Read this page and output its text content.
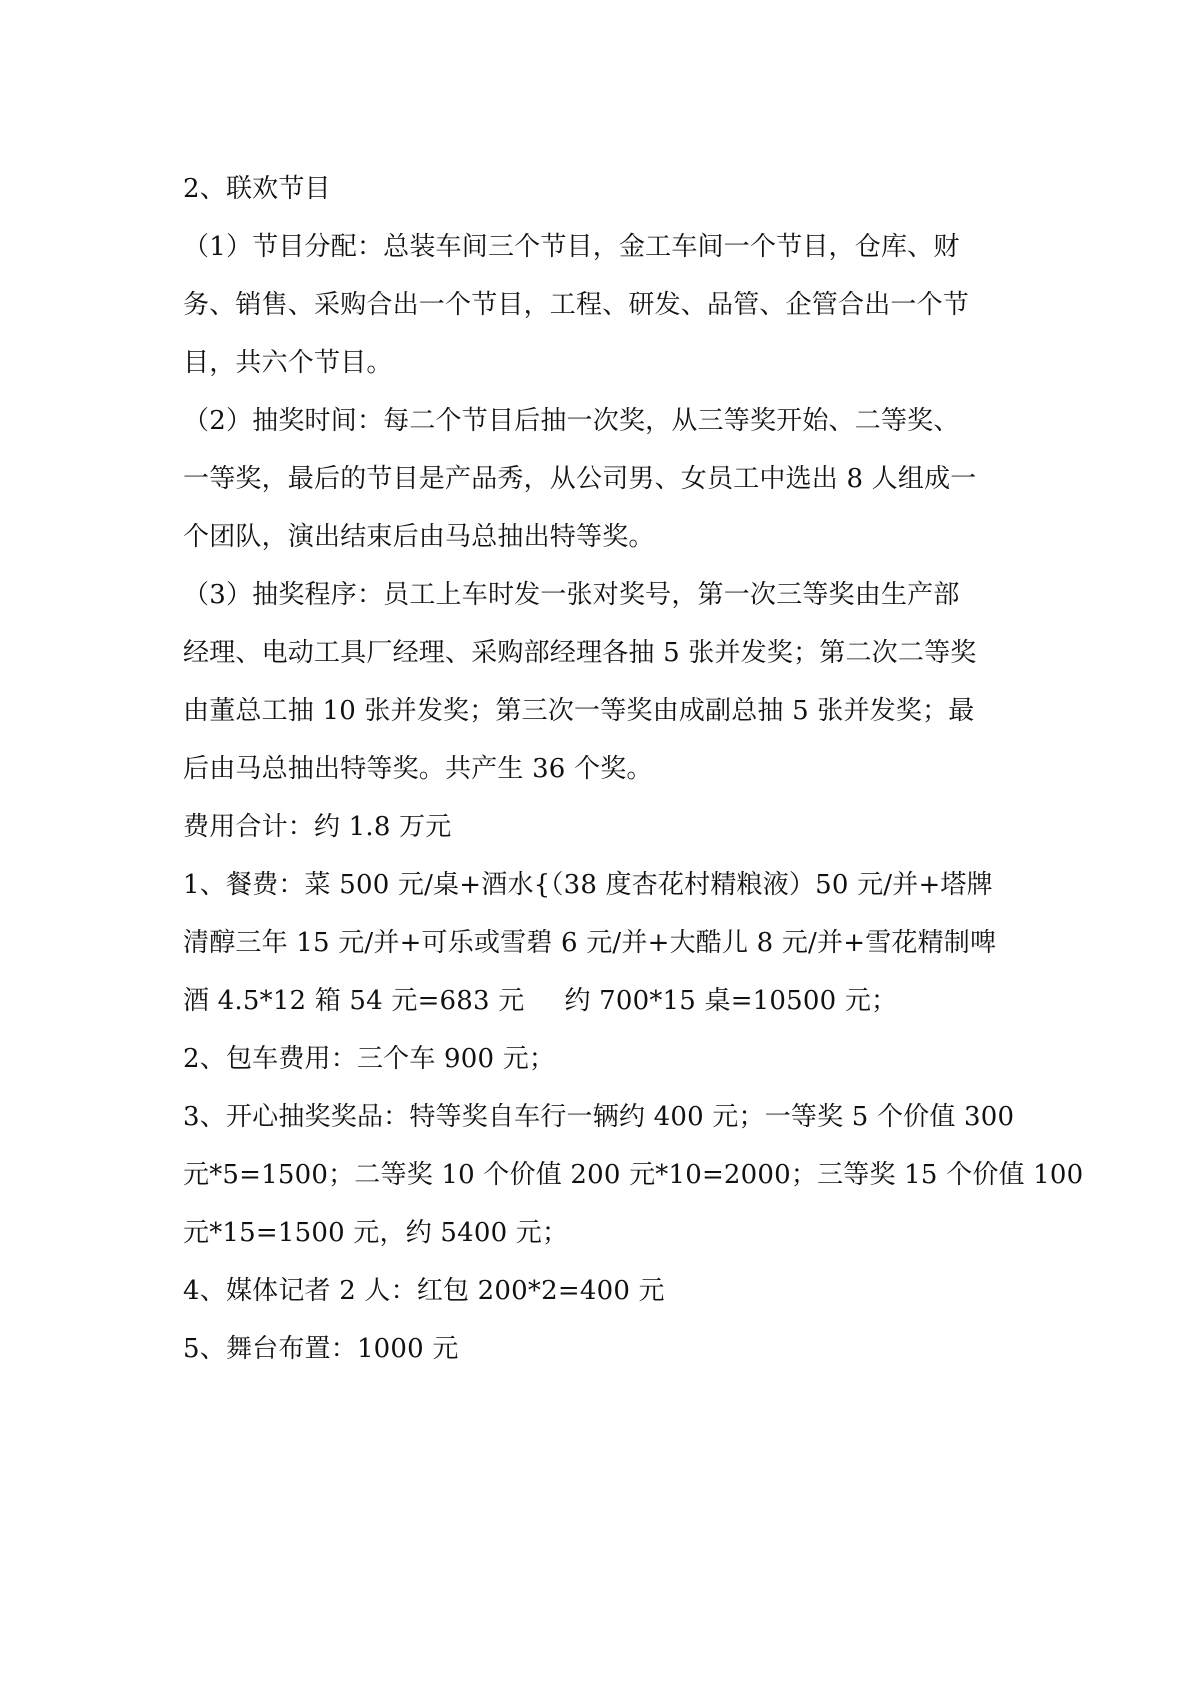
2、联欢节目
（1）节目分配：总装车间三个节目，金工车间一个节目，仓库、财
务、销售、采购合出一个节目，工程、研发、品管、企管合出一个节
目，共六个节目。
（2）抽奖时间：每二个节目后抽一次奖，从三等奖开始、二等奖、
一等奖，最后的节目是产品秀，从公司男、女员工中选出 8 人组成一
个团队，演出结束后由马总抽出特等奖。
（3）抽奖程序：员工上车时发一张对奖号，第一次三等奖由生产部
经理、电动工具厂经理、采购部经理各抽 5 张并发奖；第二次二等奖
由董总工抽 10 张并发奖；第三次一等奖由成副总抽 5 张并发奖；最
后由马总抽出特等奖。共产生 36 个奖。
费用合计：约 1.8 万元
1、餐费：菜 500 元/桌+酒水{（38 度杏花村精粮液）50 元/并+塔牌
清醇三年 15 元/并+可乐或雪碧 6 元/并+大酷儿 8 元/并+雪花精制啤
酒 4.5*12 箱 54 元=683 元 约 700*15 桌=10500 元；
2、包车费用：三个车 900 元；
3、开心抽奖奖品：特等奖自车行一辆约 400 元；一等奖 5 个价值 300
元*5=1500；二等奖 10 个价值 200 元*10=2000；三等奖 15 个价值 100
元*15=1500 元，约 5400 元；
4、媒体记者 2 人：红包 200*2=400 元
5、舞台布置：1000 元
